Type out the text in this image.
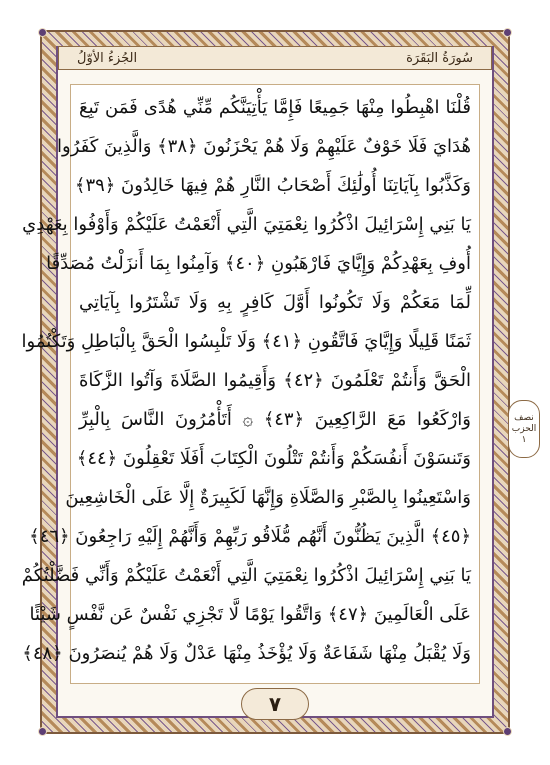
الجُزءُ الأوّلُ	سُورَةُ البَقَرَة
قُلْنَا اهْبِطُوا مِنْهَا جَمِيعًا فَإِمَّا يَأْتِيَنَّكُم مِّنِّي هُدًى فَمَن تَبِعَ
هُدَايَ فَلَا خَوْفٌ عَلَيْهِمْ وَلَا هُمْ يَحْزَنُونَ ﴿٣٨﴾ وَالَّذِينَ كَفَرُوا
وَكَذَّبُوا بِآيَاتِنَا أُولَٰئِكَ أَصْحَابُ النَّارِ هُمْ فِيهَا خَالِدُونَ ﴿٣٩﴾
يَا بَنِي إِسْرَائِيلَ اذْكُرُوا نِعْمَتِيَ الَّتِي أَنْعَمْتُ عَلَيْكُمْ وَأَوْفُوا بِعَهْدِي
أُوفِ بِعَهْدِكُمْ وَإِيَّايَ فَارْهَبُونِ ﴿٤٠﴾ وَآمِنُوا بِمَا أَنزَلْتُ مُصَدِّقًا
لِّمَا مَعَكُمْ وَلَا تَكُونُوا أَوَّلَ كَافِرٍ بِهِ وَلَا تَشْتَرُوا بِآيَاتِي
ثَمَنًا قَلِيلًا وَإِيَّايَ فَاتَّقُونِ ﴿٤١﴾ وَلَا تَلْبِسُوا الْحَقَّ بِالْبَاطِلِ وَتَكْتُمُوا
الْحَقَّ وَأَنتُمْ تَعْلَمُونَ ﴿٤٢﴾ وَأَقِيمُوا الصَّلَاةَ وَآتُوا الزَّكَاةَ
وَارْكَعُوا مَعَ الرَّاكِعِينَ ﴿٤٣﴾ ۞ أَتَأْمُرُونَ النَّاسَ بِالْبِرِّ
وَتَنسَوْنَ أَنفُسَكُمْ وَأَنتُمْ تَتْلُونَ الْكِتَابَ أَفَلَا تَعْقِلُونَ ﴿٤٤﴾
وَاسْتَعِينُوا بِالصَّبْرِ وَالصَّلَاةِ وَإِنَّهَا لَكَبِيرَةٌ إِلَّا عَلَى الْخَاشِعِينَ
﴿٤٥﴾ الَّذِينَ يَظُنُّونَ أَنَّهُم مُّلَاقُو رَبِّهِمْ وَأَنَّهُمْ إِلَيْهِ رَاجِعُونَ ﴿٤٦﴾
يَا بَنِي إِسْرَائِيلَ اذْكُرُوا نِعْمَتِيَ الَّتِي أَنْعَمْتُ عَلَيْكُمْ وَأَنِّي فَضَّلْتُكُمْ
عَلَى الْعَالَمِينَ ﴿٤٧﴾ وَاتَّقُوا يَوْمًا لَّا تَجْزِي نَفْسٌ عَن نَّفْسٍ شَيْئًا
وَلَا يُقْبَلُ مِنْهَا شَفَاعَةٌ وَلَا يُؤْخَذُ مِنْهَا عَدْلٌ وَلَا هُمْ يُنصَرُونَ ﴿٤٨﴾
نصف
الحزب
١
٧
